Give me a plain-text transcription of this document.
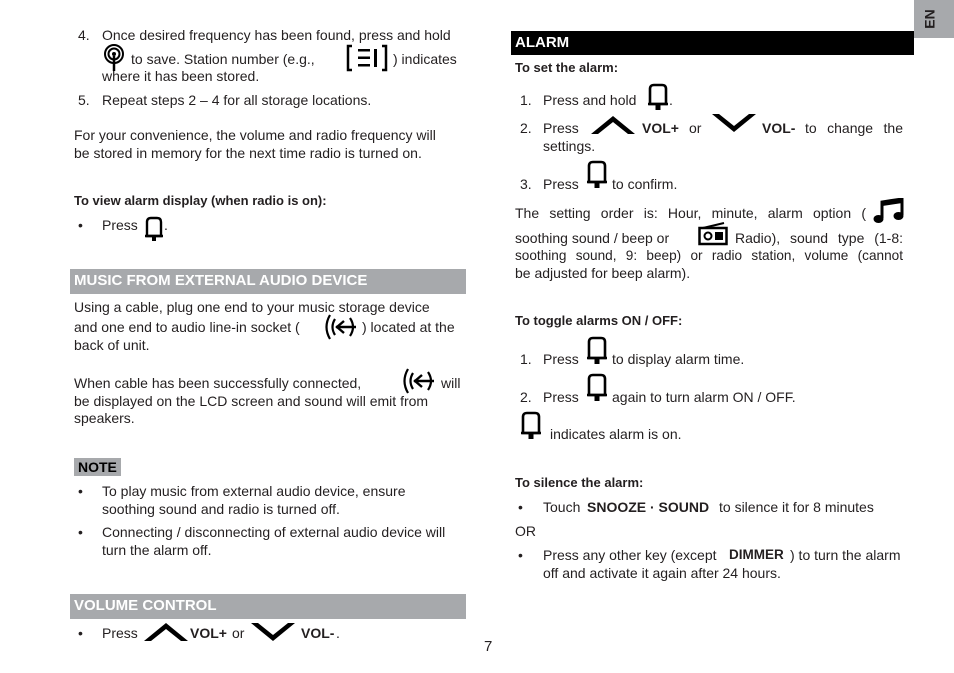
EN
4. Once desired frequency has been found, press and hold
to save. Station number (e.g.,	) indicates
where it has been stored.
5. Repeat steps 2 – 4 for all storage locations.
For your convenience, the volume and radio frequency will
be stored in memory for the next time radio is turned on.
To view alarm display (when radio is on):
• Press .
MUSIC FROM EXTERNAL AUDIO DEVICE
Using a cable, plug one end to your music storage device
and one end to audio line-in socket (	) located at the
back of unit.
When cable has been successfully connected,	will
be displayed on the LCD screen and sound will emit from
speakers.
NOTE
• To play music from external audio device, ensure
soothing sound and radio is turned off.
• Connecting / disconnecting of external audio device will
turn the alarm off.
VOLUME CONTROL
• Press	VOL+ or	VOL- .
7
ALARM
To set the alarm:
1. Press and hold .
2. Press	VOL+ or	VOL- to change the
settings.
3. Press to confirm.
The setting order is: Hour, minute, alarm option (
soothing sound / beep or	Radio), sound type (1-8:
soothing sound, 9: beep) or radio station, volume (cannot
be adjusted for beep alarm).
To toggle alarms ON / OFF:
1. Press to display alarm time.
2. Press again to turn alarm ON / OFF.
indicates alarm is on.
To silence the alarm:
• Touch SNOOZE · SOUND to silence it for 8 minutes
OR
• Press any other key (except DIMMER ) to turn the alarm
off and activate it again after 24 hours.
